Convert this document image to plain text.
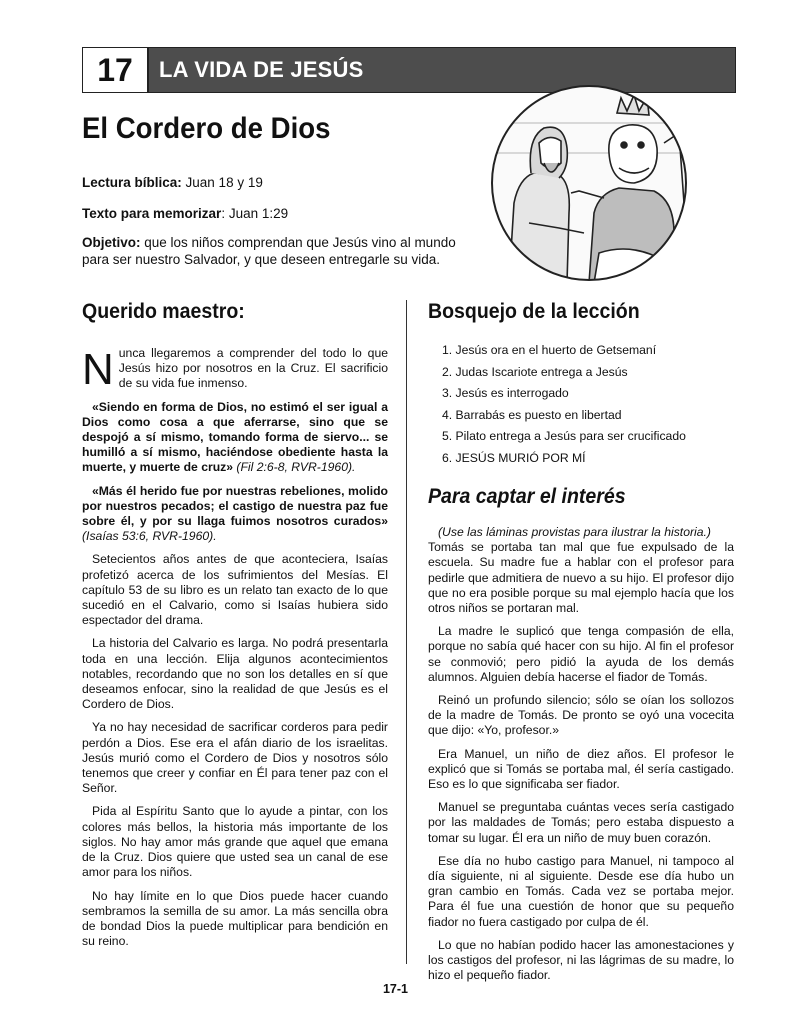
17	LA VIDA DE JESÚS
El Cordero de Dios
Lectura bíblica: Juan 18 y 19
Texto para memorizar: Juan 1:29
Objetivo: que los niños comprendan que Jesús vino al mundo para ser nuestro Salvador, y que deseen entregarle su vida.
Querido maestro:

Nunca llegaremos a comprender del todo lo que Jesús hizo por nosotros en la Cruz. El sacrificio de su vida fue inmenso.

«Siendo en forma de Dios, no estimó el ser igual a Dios como cosa a que aferrarse, sino que se despojó a sí mismo, tomando forma de siervo... se humilló a sí mismo, haciéndose obediente hasta la muerte, y muerte de cruz» (Fil 2:6-8, RVR-1960).

«Más él herido fue por nuestras rebeliones, molido por nuestros pecados; el castigo de nuestra paz fue sobre él, y por su llaga fuimos nosotros curados» (Isaías 53:6, RVR-1960).

Setecientos años antes de que aconteciera, Isaías profetizó acerca de los sufrimientos del Mesías. El capítulo 53 de su libro es un relato tan exacto de lo que sucedió en el Calvario, como si Isaías hubiera sido espectador del drama.

La historia del Calvario es larga. No podrá presentarla toda en una lección. Elija algunos acontecimientos notables, recordando que no son los detalles en sí que deseamos enfocar, sino la realidad de que Jesús es el Cordero de Dios.

Ya no hay necesidad de sacrificar corderos para pedir perdón a Dios. Ese era el afán diario de los israelitas. Jesús murió como el Cordero de Dios y nosotros sólo tenemos que creer y confiar en Él para tener paz con el Señor.

Pida al Espíritu Santo que lo ayude a pintar, con los colores más bellos, la historia más importante de los siglos. No hay amor más grande que aquel que emana de la Cruz. Dios quiere que usted sea un canal de ese amor para los niños.

No hay límite en lo que Dios puede hacer cuando sembramos la semilla de su amor. La más sencilla obra de bondad Dios la puede multiplicar para bendición en su reino.

Bosquejo de la lección
1. Jesús ora en el huerto de Getsemaní
2. Judas Iscariote entrega a Jesús
3. Jesús es interrogado
4. Barrabás es puesto en libertad
5. Pilato entrega a Jesús para ser crucificado
6. JESÚS MURIÓ POR MÍ
Para captar el interés

(Use las láminas provistas para ilustrar la historia.)

Tomás se portaba tan mal que fue expulsado de la escuela. Su madre fue a hablar con el profesor para pedirle que admitiera de nuevo a su hijo. El profesor dijo que no era posible porque su mal ejemplo hacía que los otros niños se portaran mal.

La madre le suplicó que tenga compasión de ella, porque no sabía qué hacer con su hijo. Al fin el profesor se conmovió; pero pidió la ayuda de los demás alumnos. Alguien debía hacerse el fiador de Tomás.

Reinó un profundo silencio; sólo se oían los sollozos de la madre de Tomás. De pronto se oyó una vocecita que dijo: «Yo, profesor.»

Era Manuel, un niño de diez años. El profesor le explicó que si Tomás se portaba mal, él sería castigado. Eso es lo que significaba ser fiador.

Manuel se preguntaba cuántas veces sería castigado por las maldades de Tomás; pero estaba dispuesto a tomar su lugar. Él era un niño de muy buen corazón.

Ese día no hubo castigo para Manuel, ni tampoco al día siguiente, ni al siguiente. Desde ese día hubo un gran cambio en Tomás. Cada vez se portaba mejor. Para él fue una cuestión de honor que su pequeño fiador no fuera castigado por culpa de él.

Lo que no habían podido hacer las amonestaciones y los castigos del profesor, ni las lágrimas de su madre, lo hizo el pequeño fiador.

17-1
